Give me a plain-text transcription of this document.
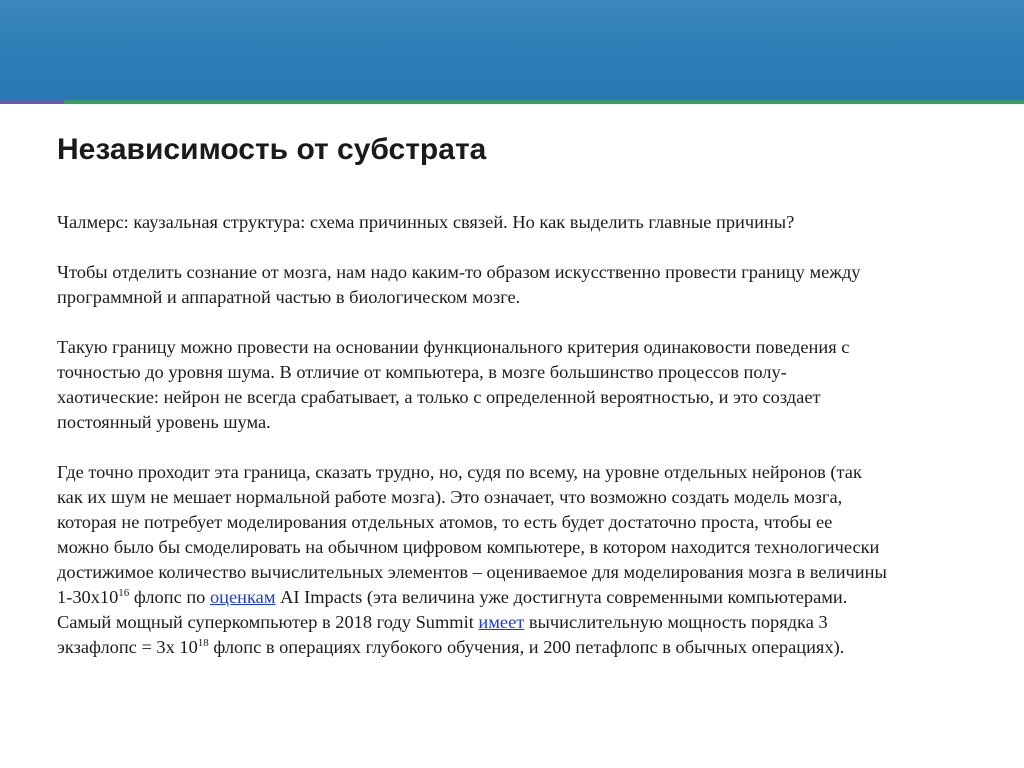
Независимость от субстрата

Чалмерс: каузальная структура: схема причинных связей. Но как выделить главные причины?

Чтобы отделить сознание от мозга, нам надо каким-то образом искусственно провести границу между программной и аппаратной частью в биологическом мозге.

Такую границу можно провести на основании функционального критерия одинаковости поведения с точностью до уровня шума. В отличие от компьютера, в мозге большинство процессов полу-хаотические: нейрон не всегда срабатывает, а только с определенной вероятностью, и это создает постоянный уровень шума.

Где точно проходит эта граница, сказать трудно, но, судя по всему, на уровне отдельных нейронов (так как их шум не мешает нормальной работе мозга). Это означает, что возможно создать модель мозга, которая не потребует моделирования отдельных атомов, то есть будет достаточно проста, чтобы ее можно было бы смоделировать на обычном цифровом компьютере, в котором находится технологически достижимое количество вычислительных элементов – оцениваемое для моделирования мозга в величины $1-30x10^{16}$ флопс по оценкам AI Impacts (эта величина уже достигнута современными компьютерами. Самый мощный суперкомпьютер в 2018 году Summit имеет вычислительную мощность порядка 3 экзафлопс = 3x $10^{18}$ флопс в операциях глубокого обучения, и 200 петафлопс в обычных операциях).
